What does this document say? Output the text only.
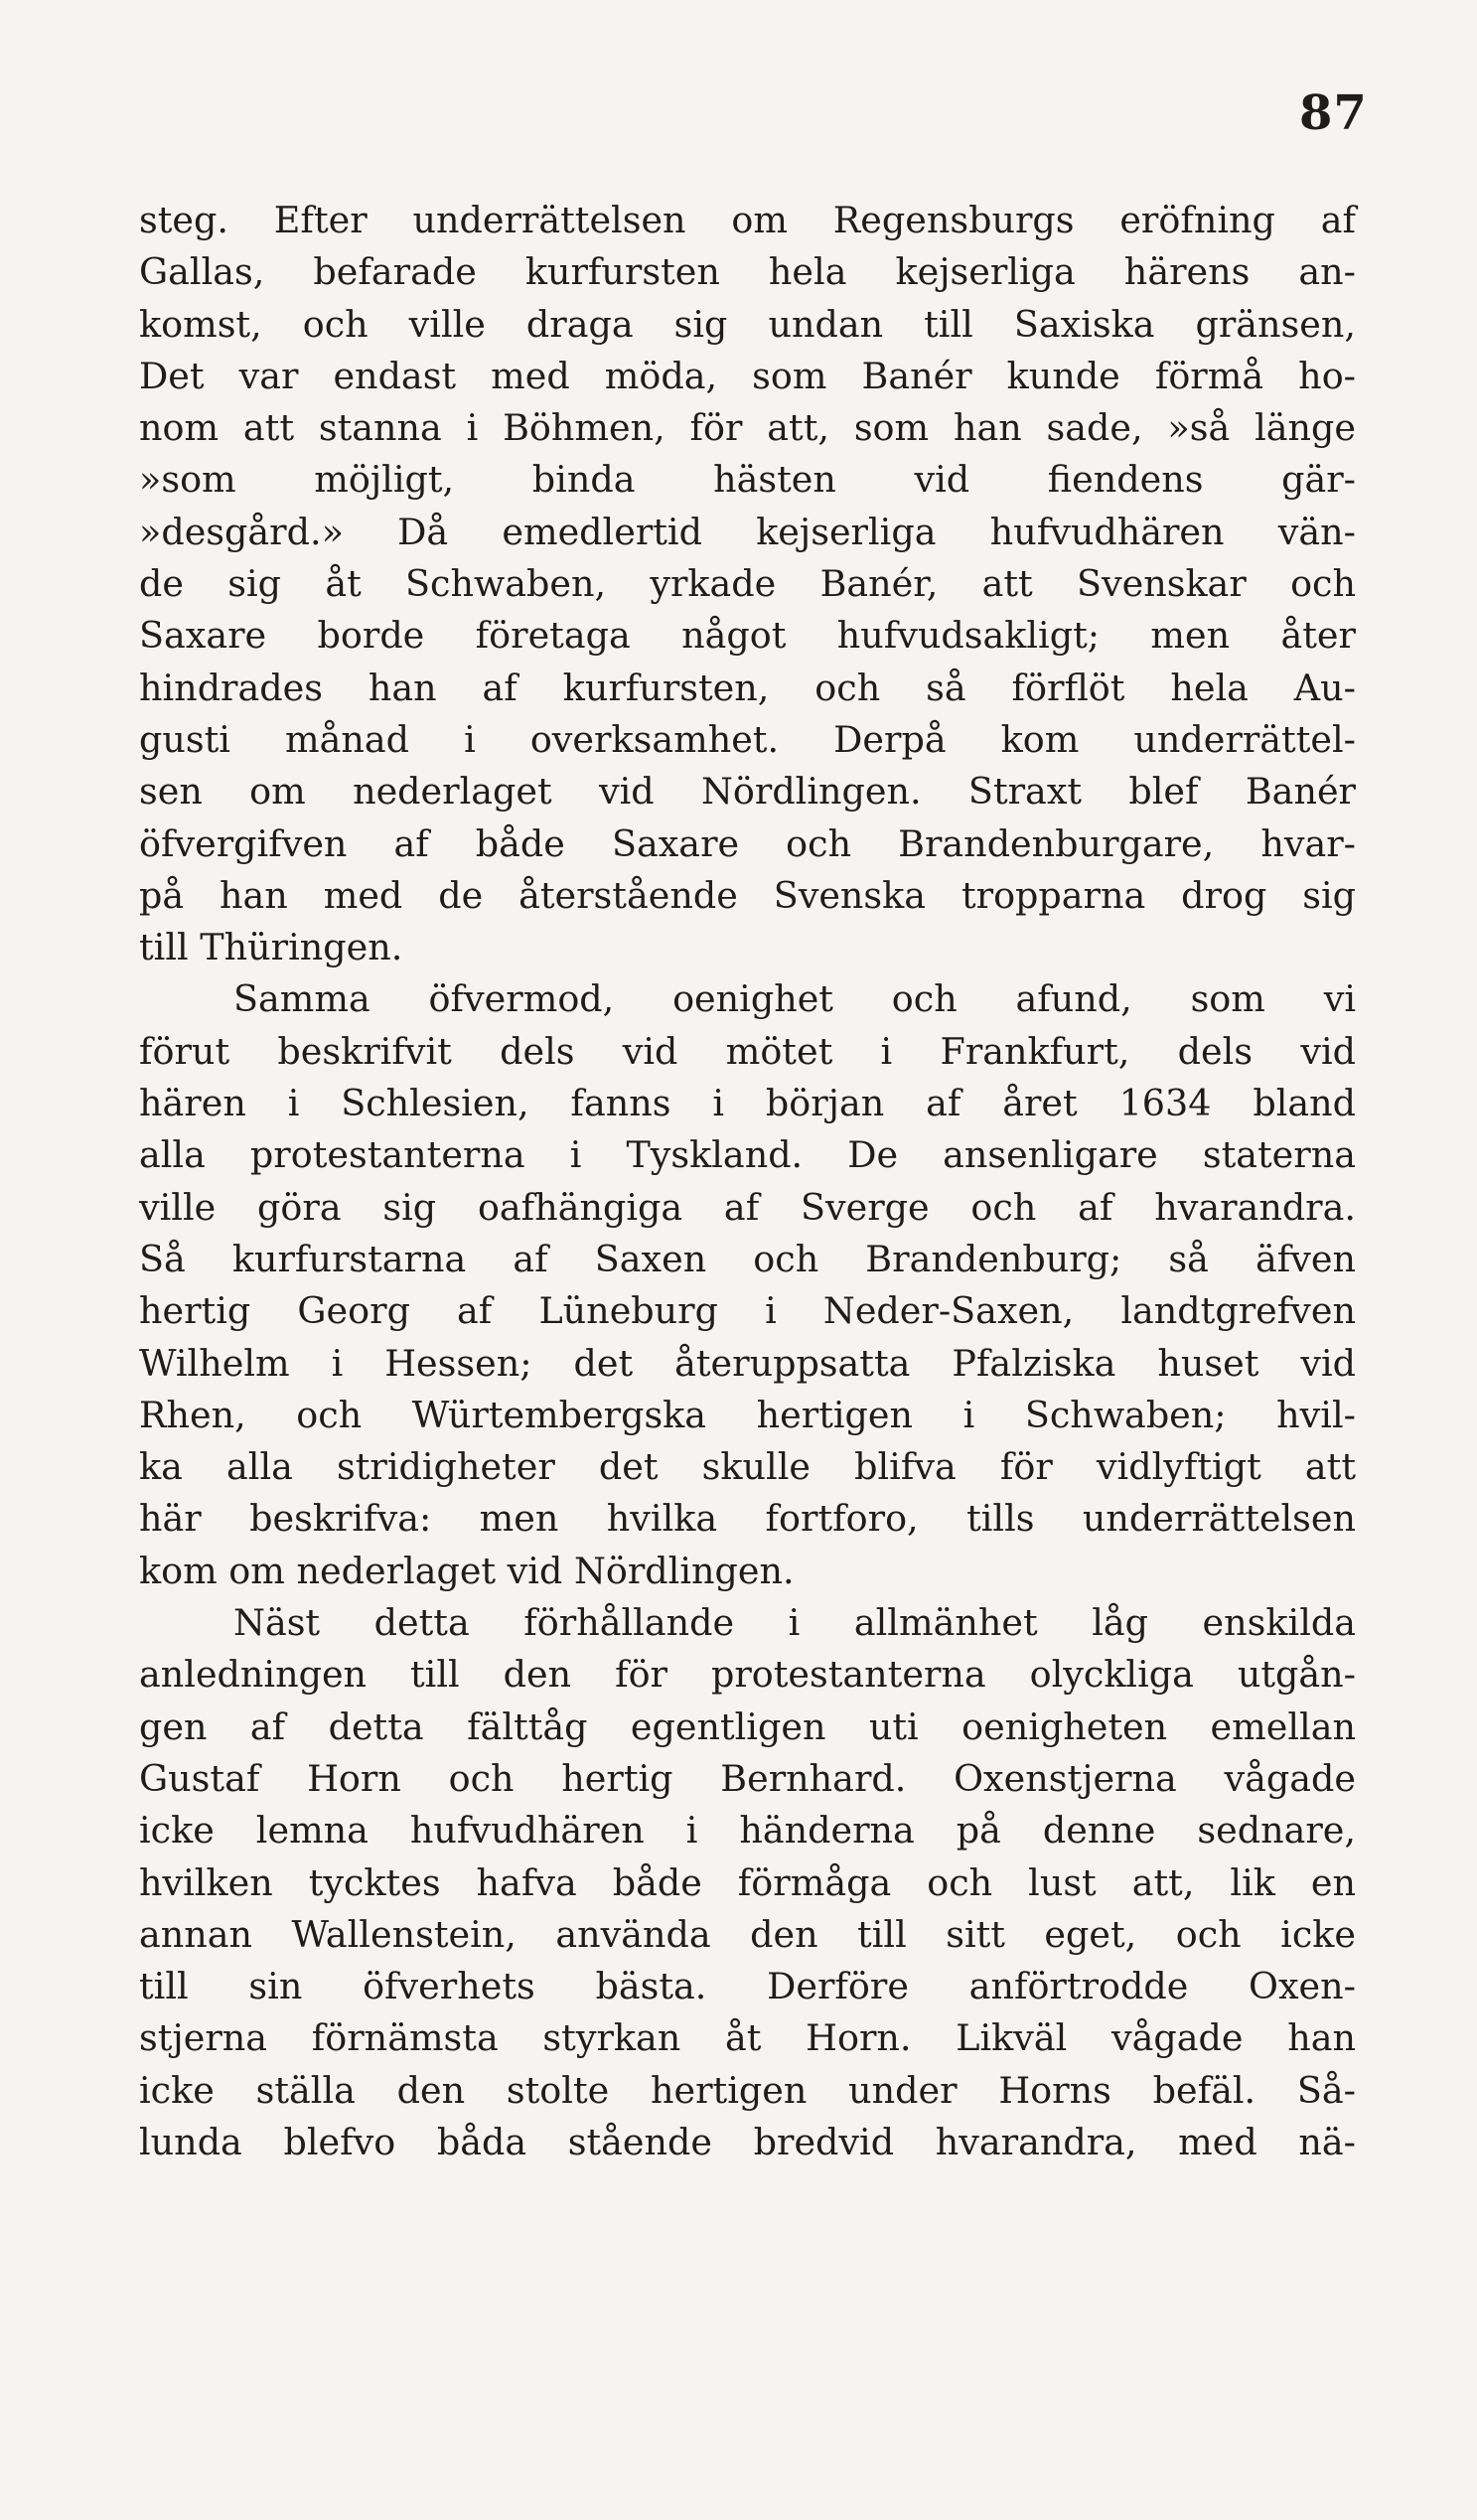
87
steg. Efter underrättelsen om Regensburgs eröfning af
Gallas, befarade kurfursten hela kejserliga härens an-
komst, och ville draga sig undan till Saxiska gränsen,
Det var endast med möda, som Banér kunde förmå ho-
nom att stanna i Böhmen, för att, som han sade, »så länge
»som möjligt, binda hästen vid fiendens gär-
»desgård.» Då emedlertid kejserliga hufvudhären vän-
de sig åt Schwaben, yrkade Banér, att Svenskar och
Saxare borde företaga något hufvudsakligt; men åter
hindrades han af kurfursten, och så förflöt hela Au-
gusti månad i overksamhet. Derpå kom underrättel-
sen om nederlaget vid Nördlingen. Straxt blef Banér
öfvergifven af både Saxare och Brandenburgare, hvar-
på han med de återstående Svenska tropparna drog sig
till Thüringen.
Samma öfvermod, oenighet och afund, som vi
förut beskrifvit dels vid mötet i Frankfurt, dels vid
hären i Schlesien, fanns i början af året 1634 bland
alla protestanterna i Tyskland. De ansenligare staterna
ville göra sig oafhängiga af Sverge och af hvarandra.
Så kurfurstarna af Saxen och Brandenburg; så äfven
hertig Georg af Lüneburg i Neder-Saxen, landtgrefven
Wilhelm i Hessen; det återuppsatta Pfalziska huset vid
Rhen, och Würtembergska hertigen i Schwaben; hvil-
ka alla stridigheter det skulle blifva för vidlyftigt att
här beskrifva: men hvilka fortforo, tills underrättelsen
kom om nederlaget vid Nördlingen.
Näst detta förhållande i allmänhet låg enskilda
anledningen till den för protestanterna olyckliga utgån-
gen af detta fälttåg egentligen uti oenigheten emellan
Gustaf Horn och hertig Bernhard. Oxenstjerna vågade
icke lemna hufvudhären i händerna på denne sednare,
hvilken tycktes hafva både förmåga och lust att, lik en
annan Wallenstein, använda den till sitt eget, och icke
till sin öfverhets bästa. Derföre anförtrodde Oxen-
stjerna förnämsta styrkan åt Horn. Likväl vågade han
icke ställa den stolte hertigen under Horns befäl. Så-
lunda blefvo båda stående bredvid hvarandra, med nä-
